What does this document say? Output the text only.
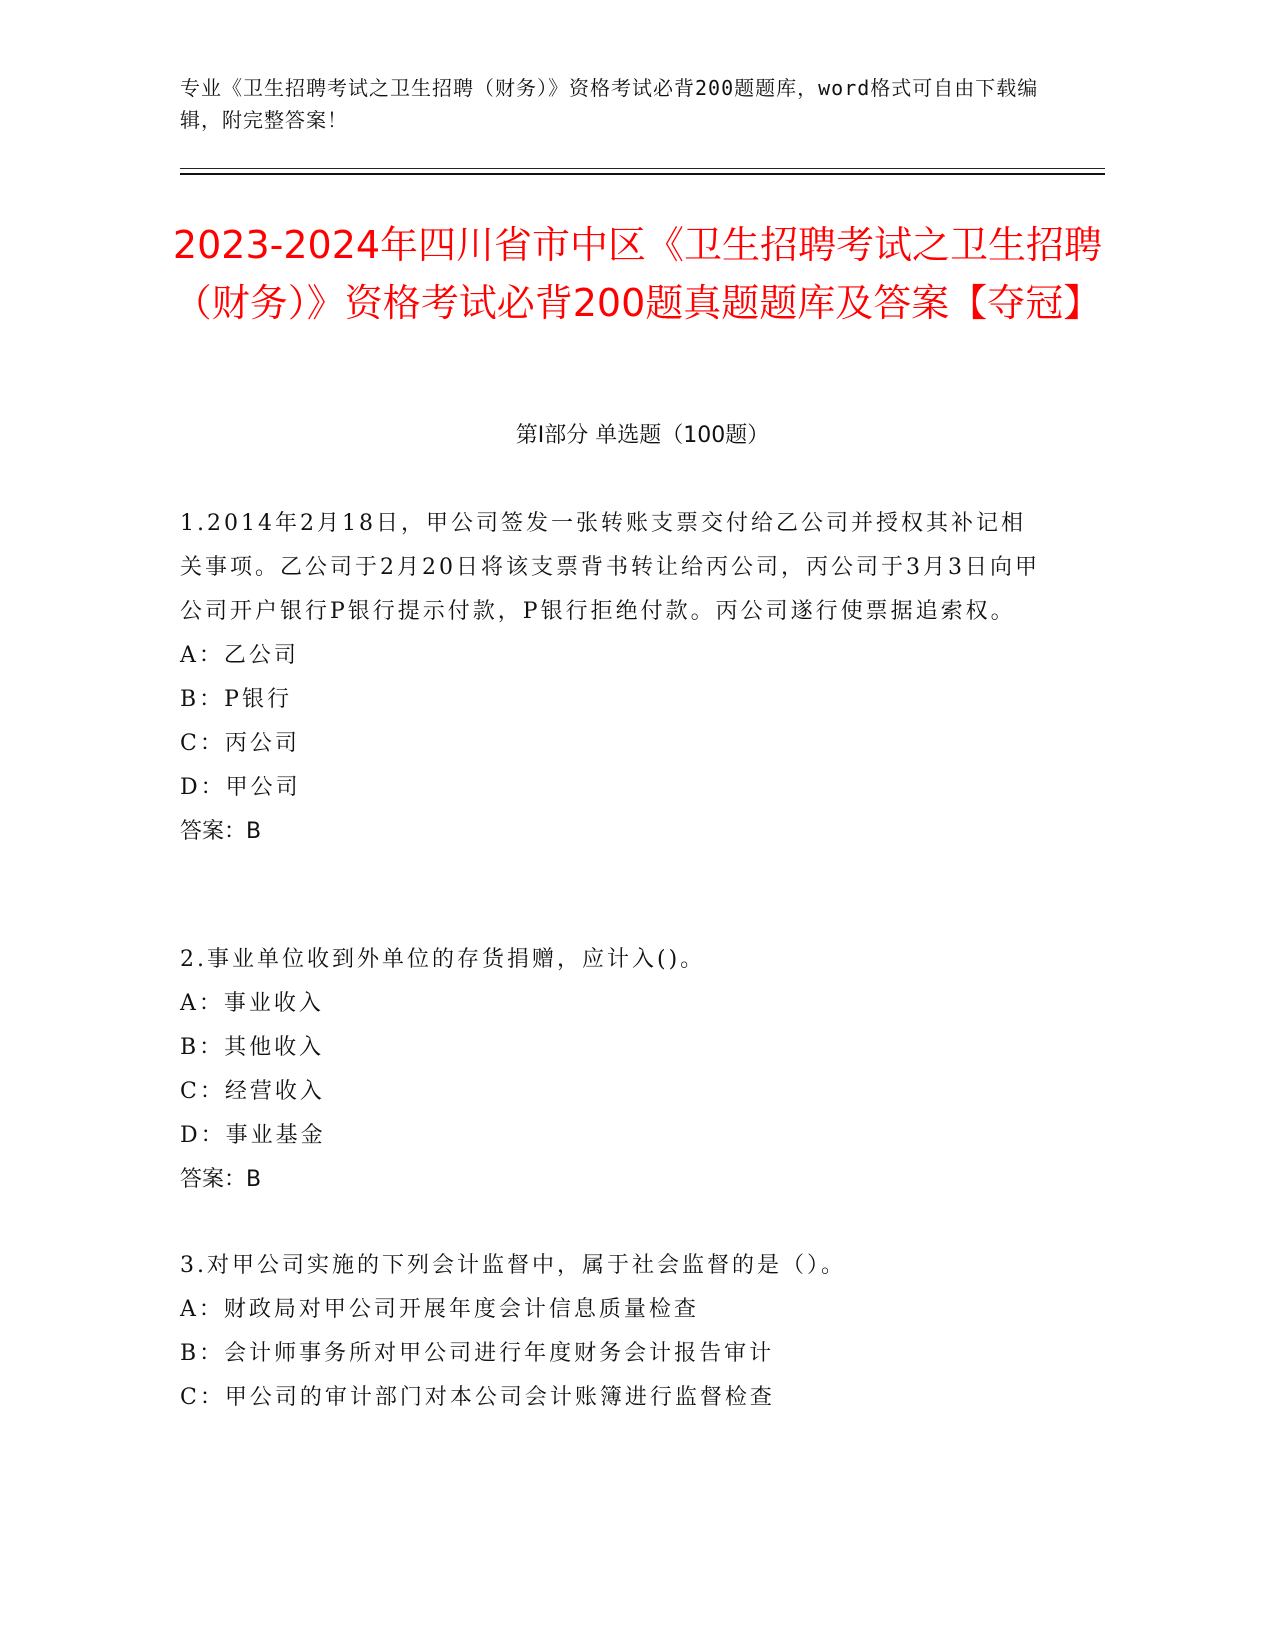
专业《卫生招聘考试之卫生招聘（财务）》资格考试必背200题题库，word格式可自由下载编辑，附完整答案！
2023-2024年四川省市中区《卫生招聘考试之卫生招聘（财务）》资格考试必背200题真题题库及答案【夺冠】
第Ⅰ部分 单选题（100题）

1.2014年2月18日，甲公司签发一张转账支票交付给乙公司并授权其补记相关事项。乙公司于2月20日将该支票背书转让给丙公司，丙公司于3月3日向甲公司开户银行P银行提示付款，P银行拒绝付款。丙公司遂行使票据追索权。

A：乙公司

B：P银行

C：丙公司

D：甲公司

答案：B

2.事业单位收到外单位的存货捐赠，应计入()。

A：事业收入

B：其他收入

C：经营收入

D：事业基金

答案：B

3.对甲公司实施的下列会计监督中，属于社会监督的是（）。

A：财政局对甲公司开展年度会计信息质量检查

B：会计师事务所对甲公司进行年度财务会计报告审计

C：甲公司的审计部门对本公司会计账簿进行监督检查
